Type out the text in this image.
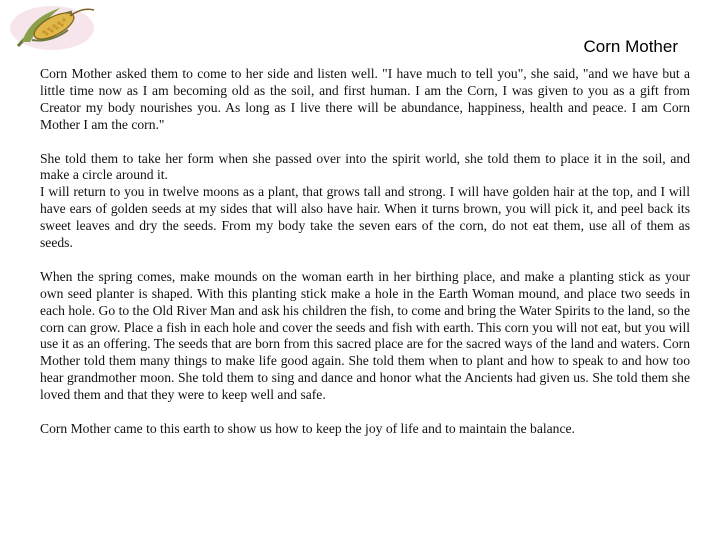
Corn Mother

Corn Mother asked them to come to her side and listen well. "I have much to tell you", she said, "and we have but a little time now as I am becoming old as the soil, and first human. I am the Corn, I was given to you as a gift from Creator my body nourishes you. As long as I live there will be abundance, happiness, health and peace. I am Corn Mother I am the corn."

She told them to take her form when she passed over into the spirit world, she told them to place it in the soil, and make a circle around it.

I will return to you in twelve moons as a plant, that grows tall and strong. I will have golden hair at the top, and I will have ears of golden seeds at my sides that will also have hair. When it turns brown, you will pick it, and peel back its sweet leaves and dry the seeds. From my body take the seven ears of the corn, do not eat them, use all of them as seeds.

When the spring comes, make mounds on the woman earth in her birthing place, and make a planting stick as your own seed planter is shaped. With this planting stick make a hole in the Earth Woman mound, and place two seeds in each hole. Go to the Old River Man and ask his children the fish, to come and bring the Water Spirits to the land, so the corn can grow. Place a fish in each hole and cover the seeds and fish with earth. This corn you will not eat, but you will use it as an offering. The seeds that are born from this sacred place are for the sacred ways of the land and waters. Corn Mother told them many things to make life good again. She told them when to plant and how to speak to and how too hear grandmother moon. She told them to sing and dance and honor what the Ancients had given us. She told them she loved them and that they were to keep well and safe.

Corn Mother came to this earth to show us how to keep the joy of life and to maintain the balance.
